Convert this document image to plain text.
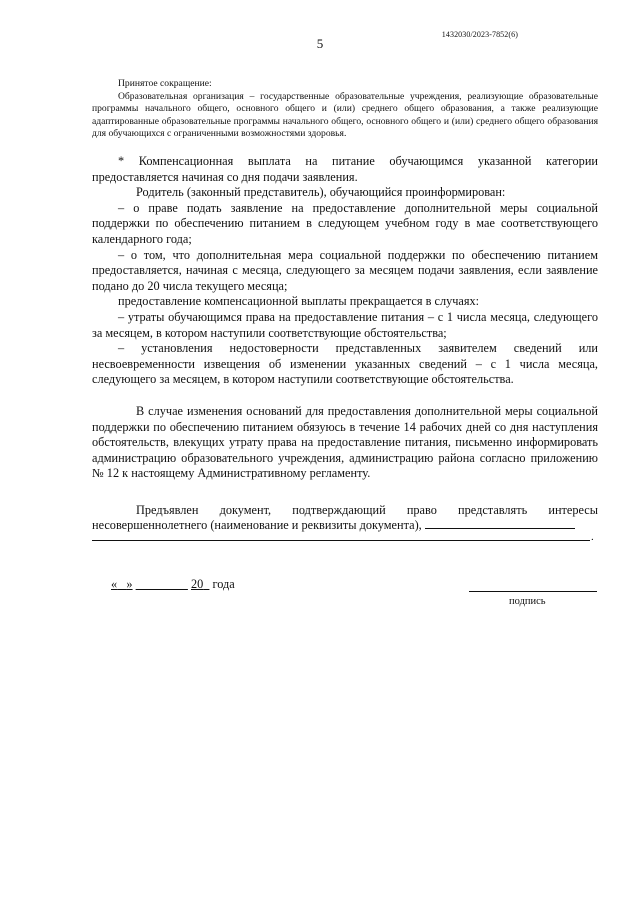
1432030/2023-7852(6)
5
Принятое сокращение:

Образовательная организация – государственные образовательные учреждения, реализующие образовательные программы начального общего, основного общего и (или) среднего общего образования, а также реализующие адаптированные образовательные программы начального общего, основного общего и (или) среднего общего образования для обучающихся с ограниченными возможностями здоровья.

* Компенсационная выплата на питание обучающимся указанной категории предоставляется начиная со дня подачи заявления.

Родитель (законный представитель), обучающийся проинформирован:

– о праве подать заявление на предоставление дополнительной меры социальной поддержки по обеспечению питанием в следующем учебном году в мае соответствующего календарного года;

– о том, что дополнительная мера социальной поддержки по обеспечению питанием предоставляется, начиная с месяца, следующего за месяцем подачи заявления, если заявление подано до 20 числа текущего месяца;

предоставление компенсационной выплаты прекращается в случаях:

– утраты обучающимся права на предоставление питания – с 1 числа месяца, следующего за месяцем, в котором наступили соответствующие обстоятельства;

– установления недостоверности представленных заявителем сведений или несвоевременности извещения об изменении указанных сведений – с 1 числа месяца, следующего за месяцем, в котором наступили соответствующие обстоятельства.

В случае изменения оснований для предоставления дополнительной меры социальной поддержки по обеспечению питанием обязуюсь в течение 14 рабочих дней со дня наступления обстоятельств, влекущих утрату права на предоставление питания, письменно информировать администрацию образовательного учреждения, администрацию района согласно приложению № 12 к настоящему Административному регламенту.

Предъявлен документ, подтверждающий право представлять интересы несовершеннолетнего (наименование и реквизиты документа),

.
« »	20 года
подпись
